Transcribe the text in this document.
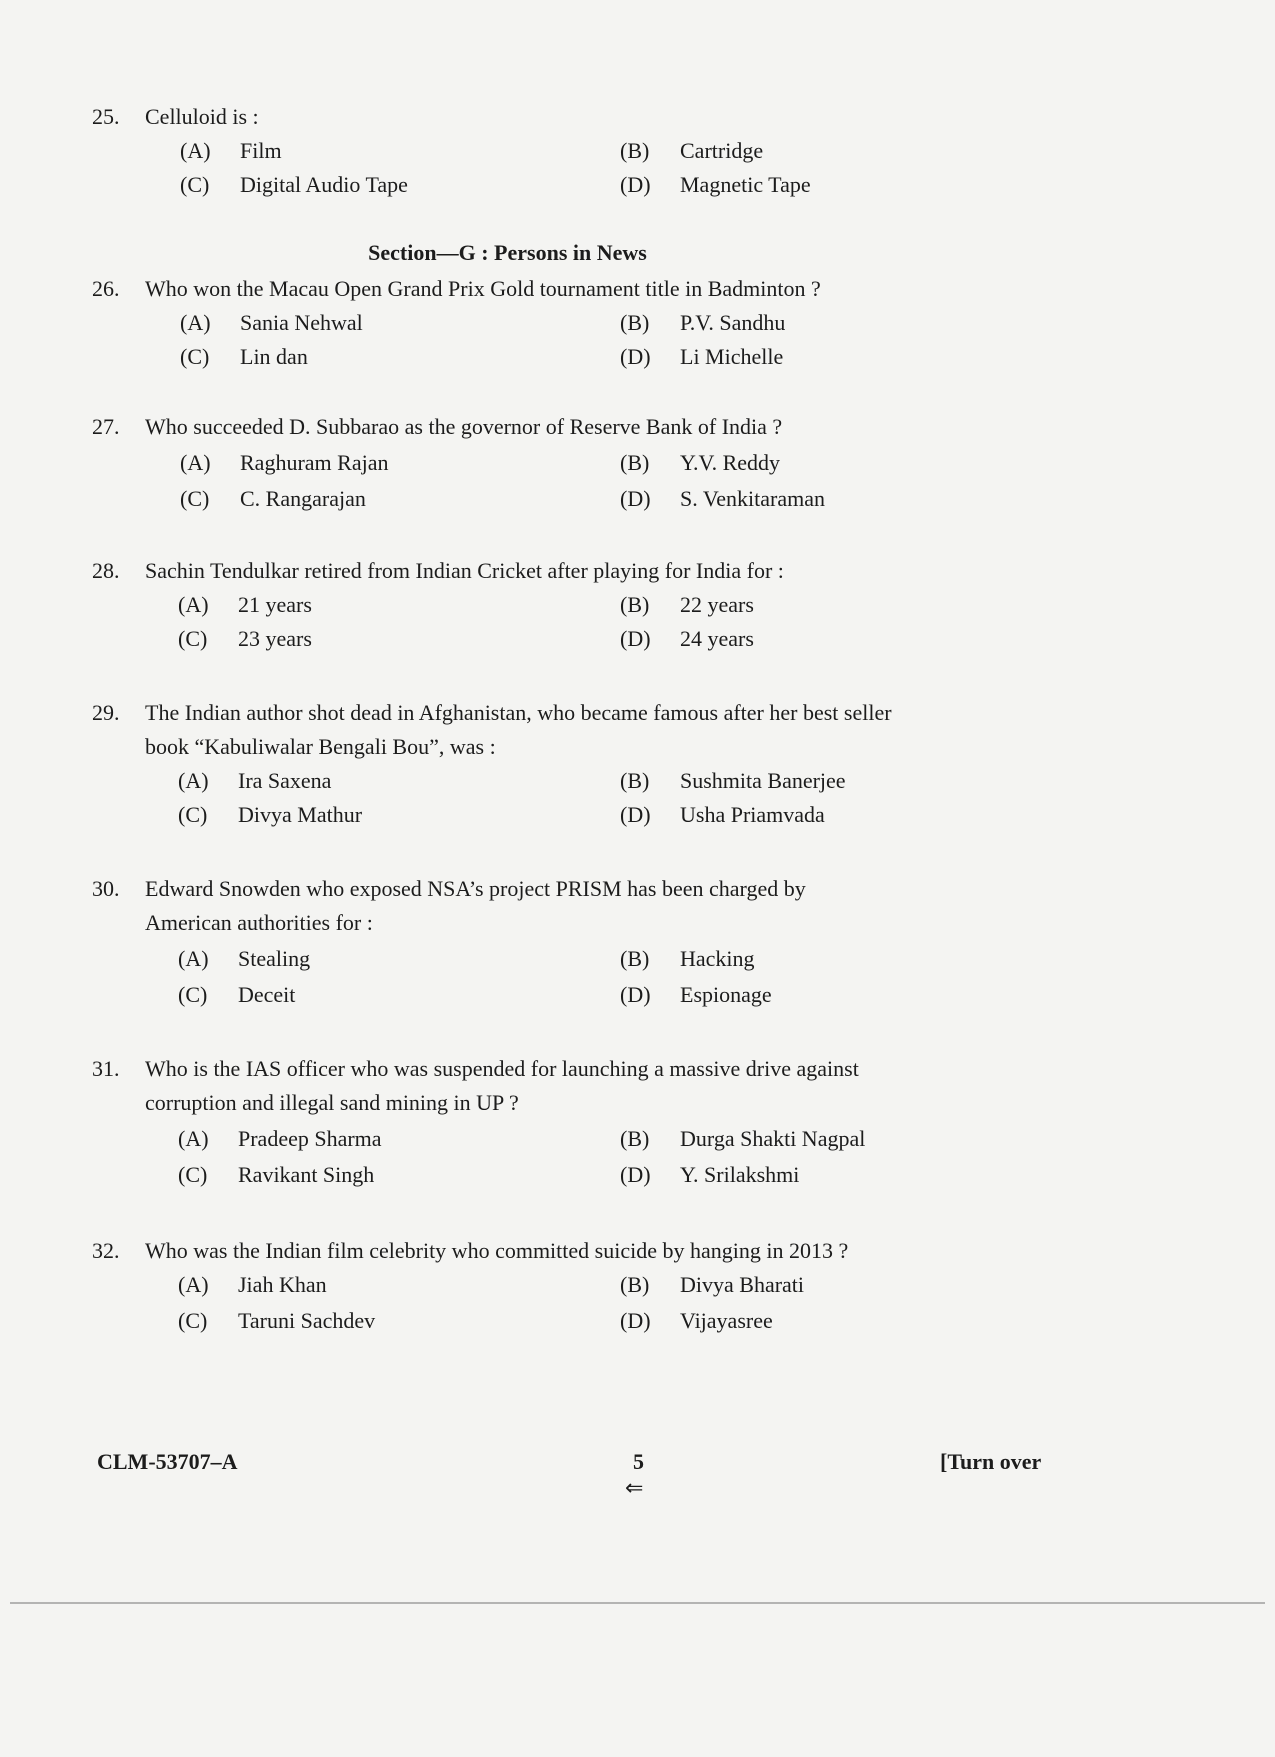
Section—G : Persons in News
25. Celluloid is :
(A) Film	(B) Cartridge
(C) Digital Audio Tape	(D) Magnetic Tape
26. Who won the Macau Open Grand Prix Gold tournament title in Badminton ?
(A) Sania Nehwal	(B) P.V. Sandhu
(C) Lin dan	(D) Li Michelle
27. Who succeeded D. Subbarao as the governor of Reserve Bank of India ?
(A) Raghuram Rajan	(B) Y.V. Reddy
(C) C. Rangarajan	(D) S. Venkitaraman
28. Sachin Tendulkar retired from Indian Cricket after playing for India for :
(A) 21 years	(B) 22 years
(C) 23 years	(D) 24 years
29. The Indian author shot dead in Afghanistan, who became famous after her best seller
book “Kabuliwalar Bengali Bou”, was :
(A) Ira Saxena	(B) Sushmita Banerjee
(C) Divya Mathur	(D) Usha Priamvada
30. Edward Snowden who exposed NSA’s project PRISM has been charged by
American authorities for :
(A) Stealing	(B) Hacking
(C) Deceit	(D) Espionage
31. Who is the IAS officer who was suspended for launching a massive drive against
corruption and illegal sand mining in UP ?
(A) Pradeep Sharma	(B) Durga Shakti Nagpal
(C) Ravikant Singh	(D) Y. Srilakshmi
32. Who was the Indian film celebrity who committed suicide by hanging in 2013 ?
(A) Jiah Khan	(B) Divya Bharati
(C) Taruni Sachdev	(D) Vijayasree
CLM-53707–A	5
⇐
[Turn over
